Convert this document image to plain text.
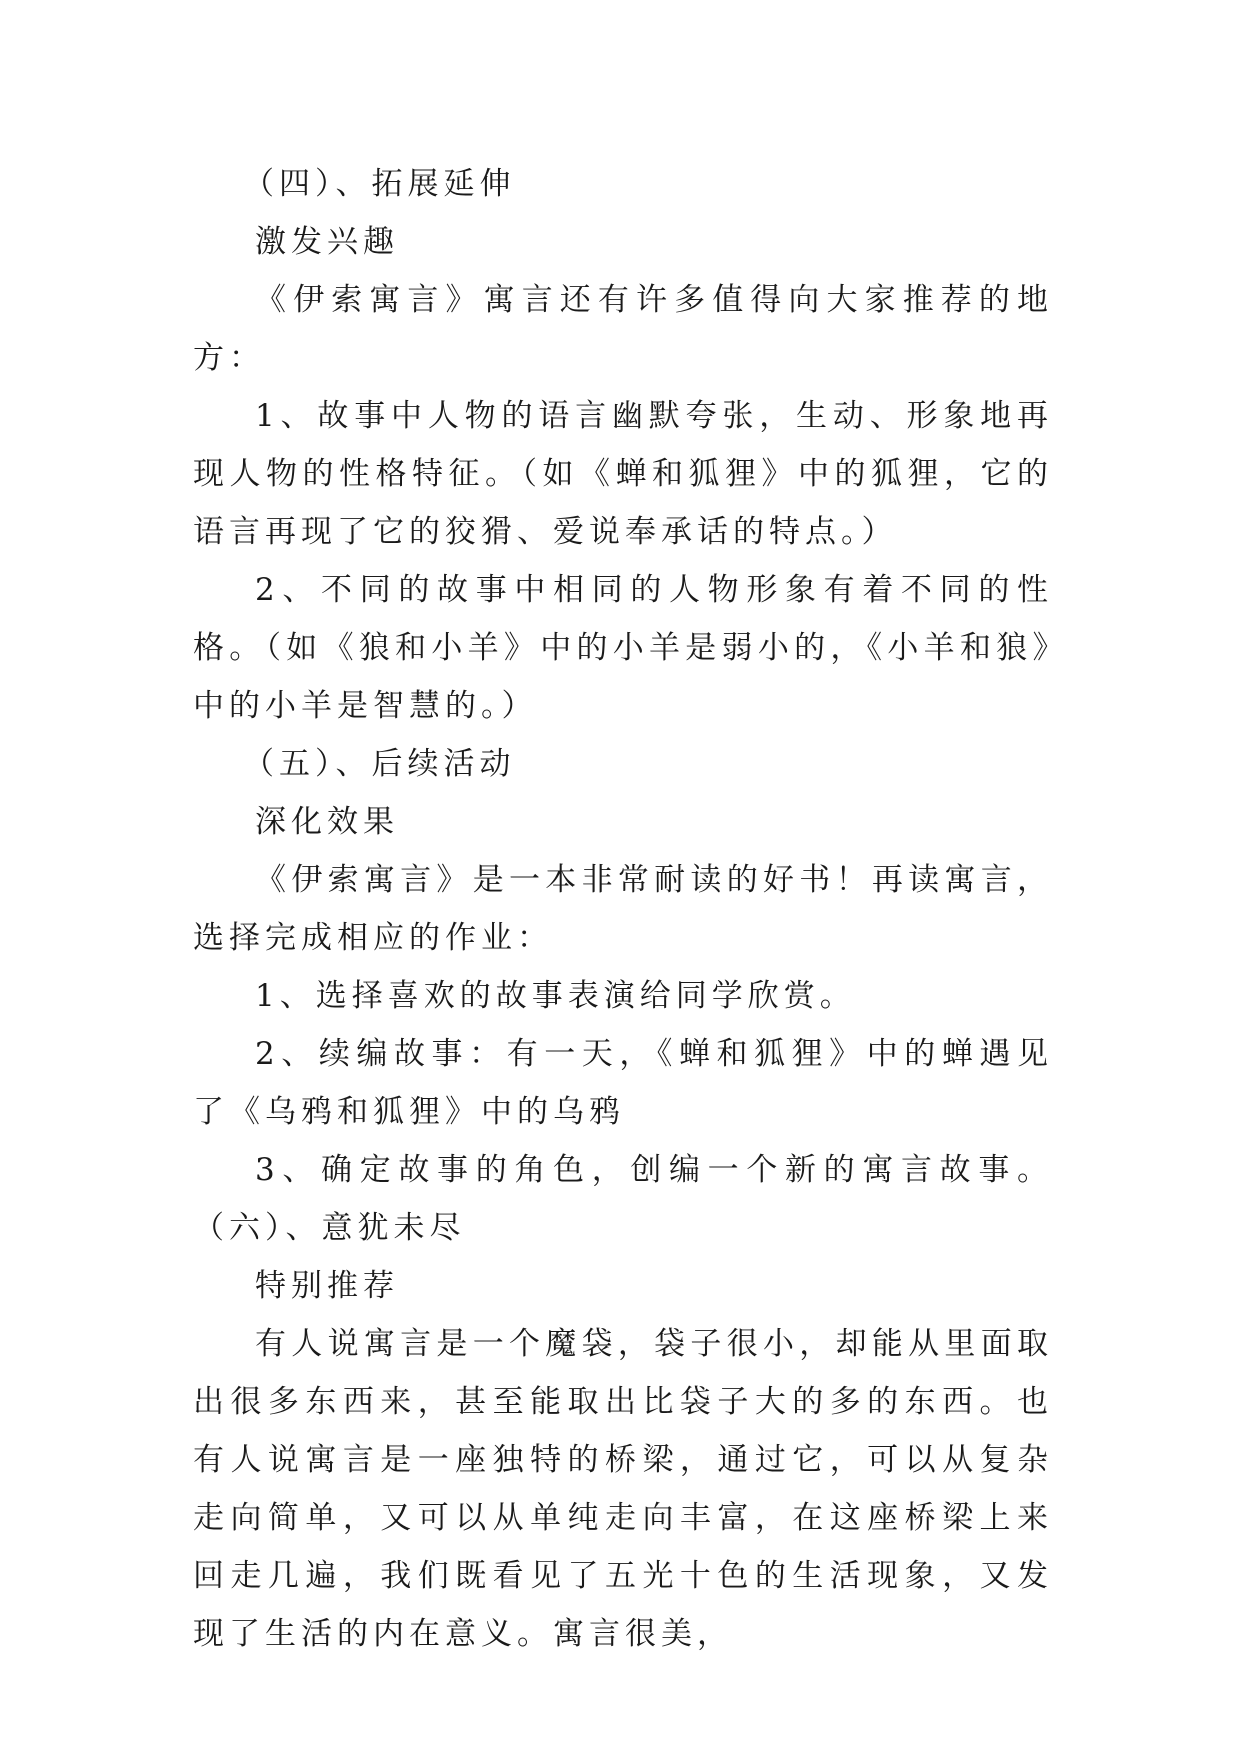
（四）、拓展延伸

激发兴趣

《伊索寓言》寓言还有许多值得向大家推荐的地方：

1、故事中人物的语言幽默夸张，生动、形象地再现人物的性格特征。（如《蝉和狐狸》中的狐狸，它的语言再现了它的狡猾、爱说奉承话的特点。）

2、不同的故事中相同的人物形象有着不同的性格。（如《狼和小羊》中的小羊是弱小的，《小羊和狼》中的小羊是智慧的。）

（五）、后续活动

深化效果

《伊索寓言》是一本非常耐读的好书！再读寓言，选择完成相应的作业：

1、选择喜欢的故事表演给同学欣赏。

2、续编故事：有一天，《蝉和狐狸》中的蝉遇见了《乌鸦和狐狸》中的乌鸦

3、确定故事的角色，创编一个新的寓言故事。（六）、意犹未尽

特别推荐

有人说寓言是一个魔袋，袋子很小，却能从里面取出很多东西来，甚至能取出比袋子大的多的东西。也有人说寓言是一座独特的桥梁，通过它，可以从复杂走向简单，又可以从单纯走向丰富，在这座桥梁上来回走几遍，我们既看见了五光十色的生活现象，又发现了生活的内在意义。寓言很美，
